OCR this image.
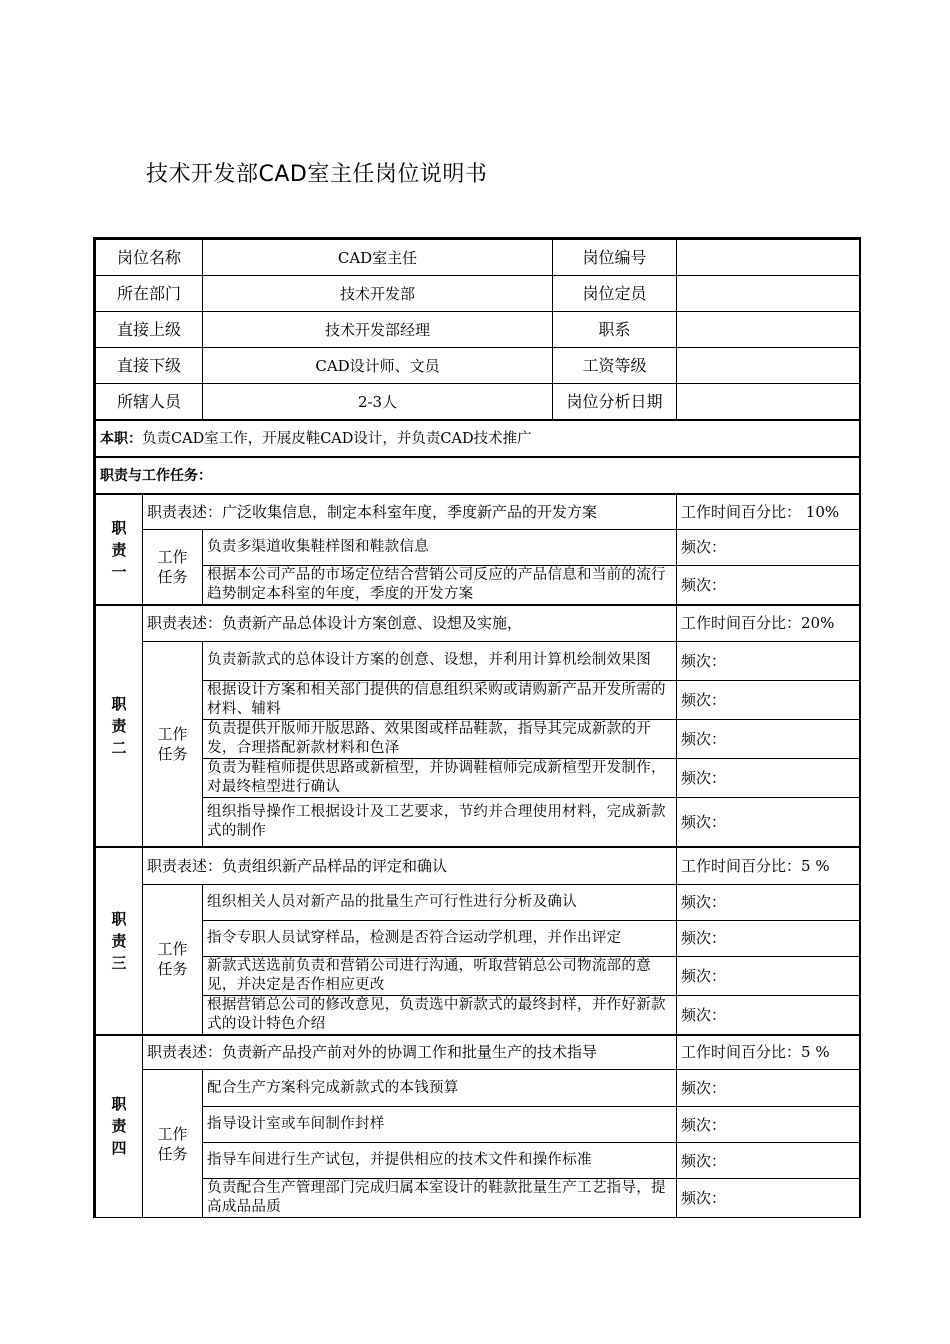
技术开发部CAD室主任岗位说明书
岗位名称		CAD室主任	岗位编号	
所在部门		技术开发部	岗位定员	
直接上级		技术开发部经理	职系	
直接下级		CAD设计师、文员	工资等级	
所辖人员		2-3人	岗位分析日期	
本职：负责CAD室工作，开展皮鞋CAD设计，并负责CAD技术推广				
职责与工作任务：				

职
责
一	职责表述：广泛收集信息，制定本科室年度，季度新产品的开发方案			工作时间百分比： 10%

	工作
任务	负责多渠道收集鞋样图和鞋款信息		频次：
		根据本公司产品的市场定位结合营销公司反应的产品信息和当前的流行趋势制定本科室的年度，季度的开发方案		频次：

职
责
二	职责表述：负责新产品总体设计方案创意、设想及实施，			工作时间百分比：20%

	工作
任务	负责新款式的总体设计方案的创意、设想，并利用计算机绘制效果图		频次：
		根据设计方案和相关部门提供的信息组织采购或请购新产品开发所需的材料、辅料		频次：
		负责提供开版师开版思路、效果图或样品鞋款，指导其完成新款的开发，合理搭配新款材料和色泽		频次：
		负责为鞋楦师提供思路或新楦型，并协调鞋楦师完成新楦型开发制作，对最终楦型进行确认		频次：
		组织指导操作工根据设计及工艺要求，节约并合理使用材料，完成新款式的制作		频次：

职
责
三	职责表述：负责组织新产品样品的评定和确认			工作时间百分比：5 %

	工作
任务	组织相关人员对新产品的批量生产可行性进行分析及确认		频次：
		指令专职人员试穿样品，检测是否符合运动学机理，并作出评定		频次：
		新款式送选前负责和营销公司进行沟通，听取营销总公司物流部的意见，并决定是否作相应更改		频次：
		根据营销总公司的修改意见，负责选中新款式的最终封样，并作好新款式的设计特色介绍		频次：

职
责
四	职责表述：负责新产品投产前对外的协调工作和批量生产的技术指导			工作时间百分比：5 %

	工作
任务	配合生产方案科完成新款式的本钱预算		频次：
		指导设计室或车间制作封样		频次：
		指导车间进行生产试包，并提供相应的技术文件和操作标准		频次：
		负责配合生产管理部门完成归属本室设计的鞋款批量生产工艺指导，提高成品品质		频次：
